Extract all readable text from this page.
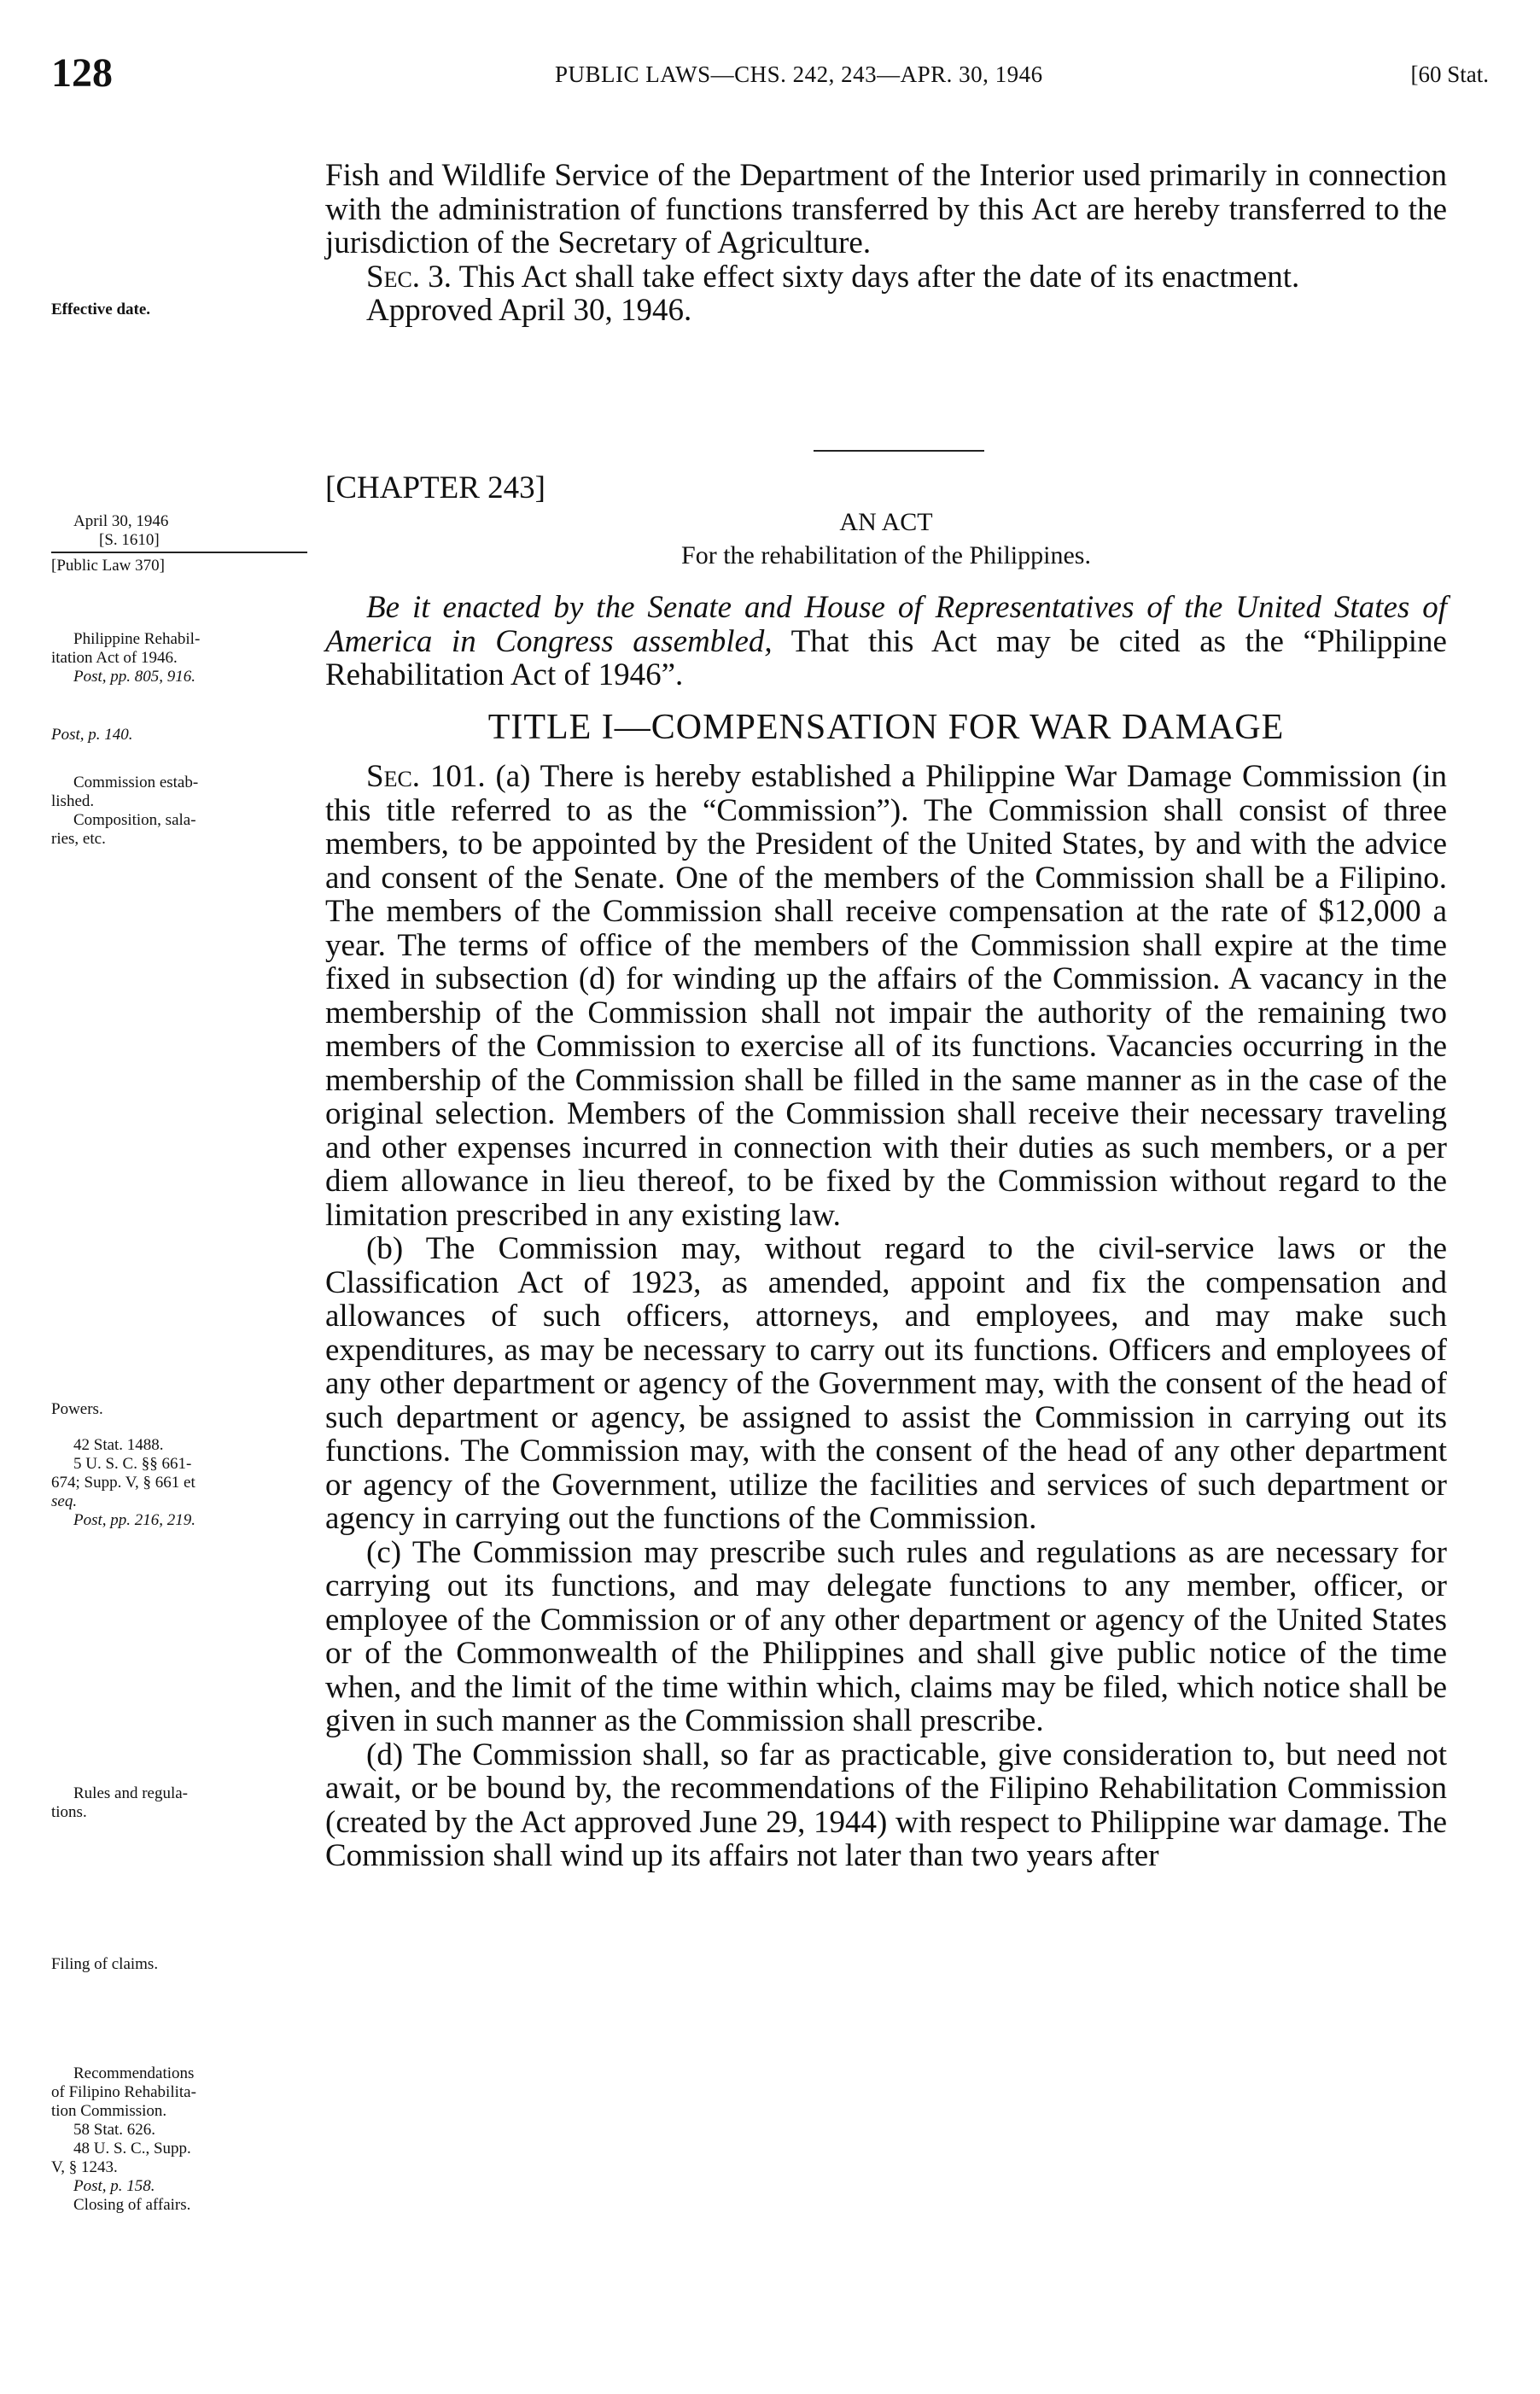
128	PUBLIC LAWS—CHS. 242, 243—APR. 30, 1946	[60 Stat.
Effective date.
April 30, 1946
[S. 1610]
[Public Law 370]
Philippine Rehabil-
itation Act of 1946.
Post, pp. 805, 916.
Post, p. 140.
Commission estab-
lished.
Composition, sala-
ries, etc.
Powers.
42 Stat. 1488.
5 U. S. C. §§ 661-
674; Supp. V, § 661 et
seq.
Post, pp. 216, 219.
Rules and regula-
tions.
Filing of claims.
Recommendations
of Filipino Rehabilita-
tion Commission.
58 Stat. 626.
48 U. S. C., Supp.
V, § 1243.
Post, p. 158.
Closing of affairs.

Fish and Wildlife Service of the Department of the Interior used primarily in connection with the administration of functions transferred by this Act are hereby transferred to the jurisdiction of the Secretary of Agriculture.

Sec. 3. This Act shall take effect sixty days after the date of its enactment.

Approved April 30, 1946.

[CHAPTER 243]

AN ACT

For the rehabilitation of the Philippines.

Be it enacted by the Senate and House of Representatives of the United States of America in Congress assembled, That this Act may be cited as the “Philippine Rehabilitation Act of 1946”.

TITLE I—COMPENSATION FOR WAR DAMAGE

Sec. 101. (a) There is hereby established a Philippine War Damage Commission (in this title referred to as the “Commission”). The Commission shall consist of three members, to be appointed by the President of the United States, by and with the advice and consent of the Senate. One of the members of the Commission shall be a Filipino. The members of the Commission shall receive compensation at the rate of $12,000 a year. The terms of office of the members of the Commission shall expire at the time fixed in subsection (d) for winding up the affairs of the Commission. A vacancy in the membership of the Commission shall not impair the authority of the remaining two members of the Commission to exercise all of its functions. Vacancies occurring in the membership of the Commission shall be filled in the same manner as in the case of the original selection. Members of the Commission shall receive their necessary traveling and other expenses incurred in connection with their duties as such members, or a per diem allowance in lieu thereof, to be fixed by the Commission without regard to the limitation prescribed in any existing law.

(b) The Commission may, without regard to the civil-service laws or the Classification Act of 1923, as amended, appoint and fix the compensation and allowances of such officers, attorneys, and employees, and may make such expenditures, as may be necessary to carry out its functions. Officers and employees of any other department or agency of the Government may, with the consent of the head of such department or agency, be assigned to assist the Commission in carrying out its functions. The Commission may, with the consent of the head of any other department or agency of the Government, utilize the facilities and services of such department or agency in carrying out the functions of the Commission.

(c) The Commission may prescribe such rules and regulations as are necessary for carrying out its functions, and may delegate functions to any member, officer, or employee of the Commission or of any other department or agency of the United States or of the Commonwealth of the Philippines and shall give public notice of the time when, and the limit of the time within which, claims may be filed, which notice shall be given in such manner as the Commission shall prescribe.

(d) The Commission shall, so far as practicable, give consideration to, but need not await, or be bound by, the recommendations of the Filipino Rehabilitation Commission (created by the Act approved June 29, 1944) with respect to Philippine war damage. The Commission shall wind up its affairs not later than two years after
